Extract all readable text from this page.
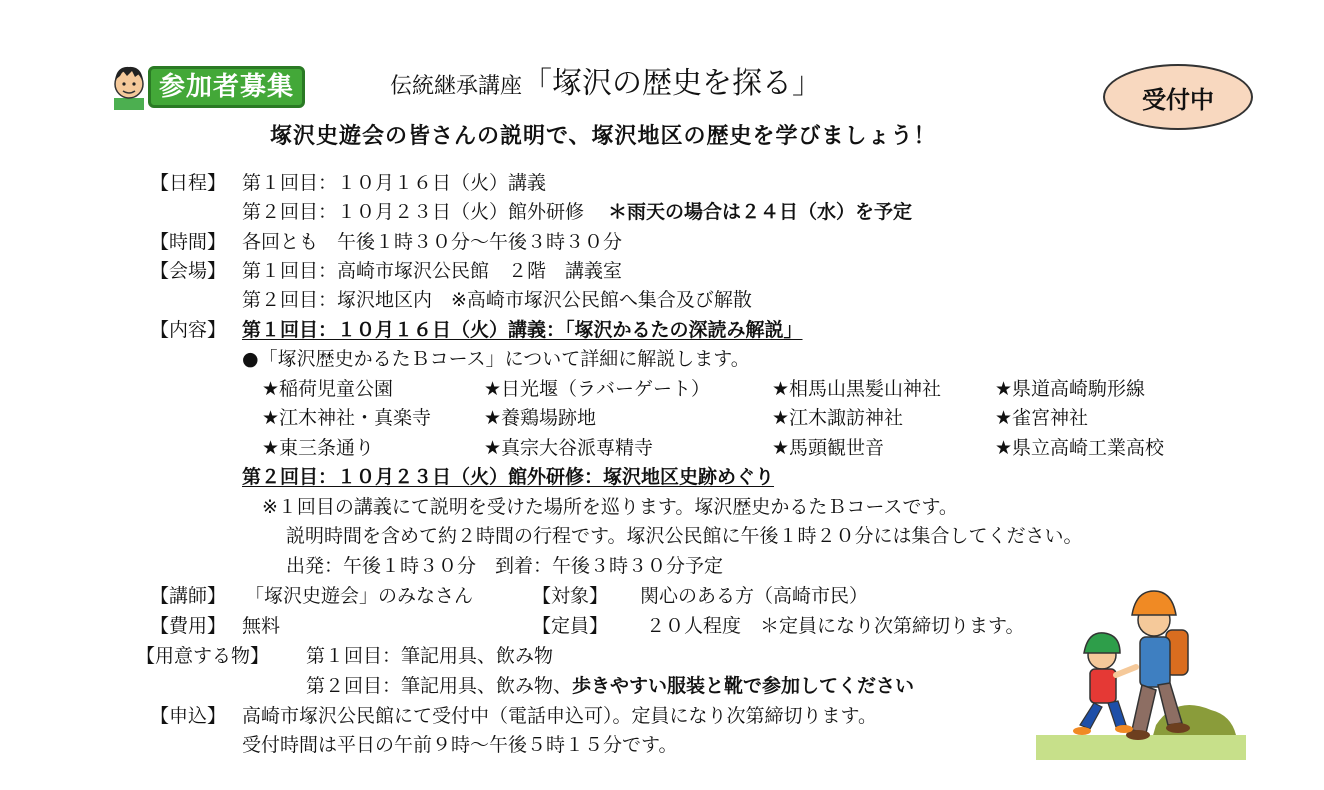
参加者募集	伝統継承講座「塚沢の歴史を探る」	受付中
塚沢史遊会の皆さんの説明で、塚沢地区の歴史を学びましょう！
【日程】 第１回目：１０月１６日（火）講義
第２回目：１０月２３日（火）館外研修 ＊雨天の場合は２４日（水）を予定
【時間】 各回とも　午後１時３０分～午後３時３０分
【会場】 第１回目：高崎市塚沢公民館　２階　講義室
第２回目：塚沢地区内　※高崎市塚沢公民館へ集合及び解散
【内容】 第１回目：１０月１６日（火）講義：「塚沢かるたの深読み解説」
●「塚沢歴史かるたＢコース」について詳細に解説します。
★稲荷児童公園	★日光堰（ラバーゲート）	★相馬山黒髪山神社	★県道高崎駒形線
★江木神社・真楽寺	★養鶏場跡地	★江木諏訪神社	★雀宮神社
★東三条通り	★真宗大谷派専精寺	★馬頭観世音	★県立高崎工業高校
第２回目：１０月２３日（火）館外研修：塚沢地区史跡めぐり
※１回目の講義にて説明を受けた場所を巡ります。塚沢歴史かるたＢコースです。
説明時間を含めて約２時間の行程です。塚沢公民館に午後１時２０分には集合してください。
出発：午後１時３０分　到着：午後３時３０分予定
【講師】 「塚沢史遊会」のみなさん	【対象】 関心のある方（高崎市民）
【費用】 無料	【定員】 ２０人程度　＊定員になり次第締切ります。
【用意する物】 第１回目：筆記用具、飲み物
第２回目：筆記用具、飲み物、歩きやすい服装と靴で参加してください
【申込】 高崎市塚沢公民館にて受付中（電話申込可）。定員になり次第締切ります。
受付時間は平日の午前９時～午後５時１５分です。
